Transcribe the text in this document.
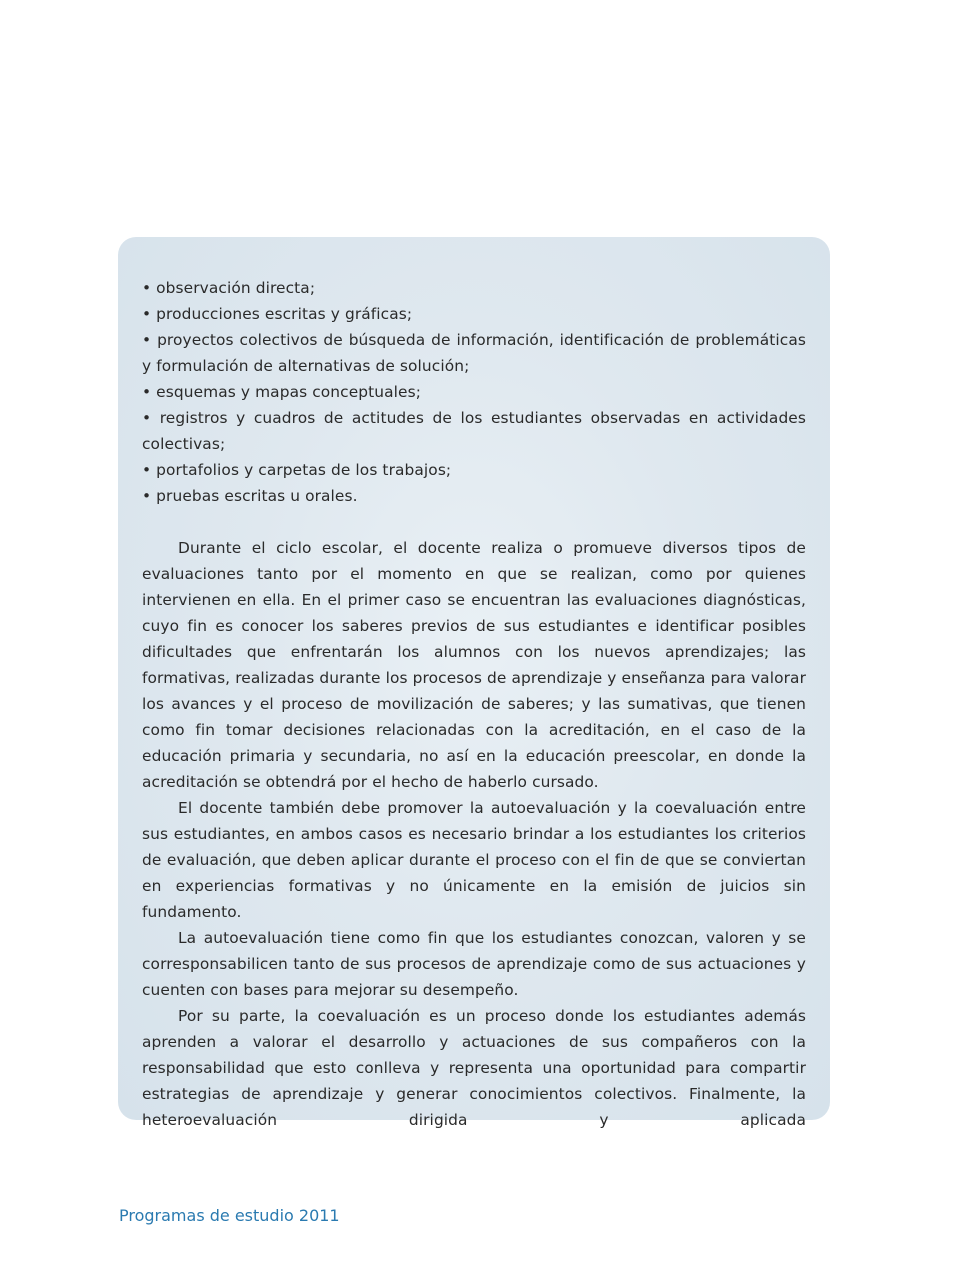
• observación directa;

• producciones escritas y gráficas;

• proyectos colectivos de búsqueda de información, identificación de problemáticas y formulación de alternativas de solución;

• esquemas y mapas conceptuales;

• registros y cuadros de actitudes de los estudiantes observadas en actividades colectivas;

• portafolios y carpetas de los trabajos;

• pruebas escritas u orales.

Durante el ciclo escolar, el docente realiza o promueve diversos tipos de evaluaciones tanto por el momento en que se realizan, como por quienes intervienen en ella. En el primer caso se encuentran las evaluaciones diagnósticas, cuyo fin es conocer los saberes previos de sus estudiantes e identificar posibles dificultades que enfrentarán los alumnos con los nuevos aprendizajes; las formativas, realizadas durante los procesos de aprendizaje y enseñanza para valorar los avances y el proceso de movilización de saberes; y las sumativas, que tienen como fin tomar decisiones relacionadas con la acreditación, en el caso de la educación primaria y secundaria, no así en la educación preescolar, en donde la acreditación se obtendrá por el hecho de haberlo cursado.

El docente también debe promover la autoevaluación y la coevaluación entre sus estudiantes, en ambos casos es necesario brindar a los estudiantes los criterios de evaluación, que deben aplicar durante el proceso con el fin de que se conviertan en experiencias formativas y no únicamente en la emisión de juicios sin fundamento.

La autoevaluación tiene como fin que los estudiantes conozcan, valoren y se corresponsabilicen tanto de sus procesos de aprendizaje como de sus actuaciones y cuenten con bases para mejorar su desempeño.

Por su parte, la coevaluación es un proceso donde los estudiantes además aprenden a valorar el desarrollo y actuaciones de sus compañeros con la responsabilidad que esto conlleva y representa una oportunidad para compartir estrategias de aprendizaje y generar conocimientos colectivos. Finalmente, la heteroevaluación dirigida y aplicada

Programas de estudio 2011
